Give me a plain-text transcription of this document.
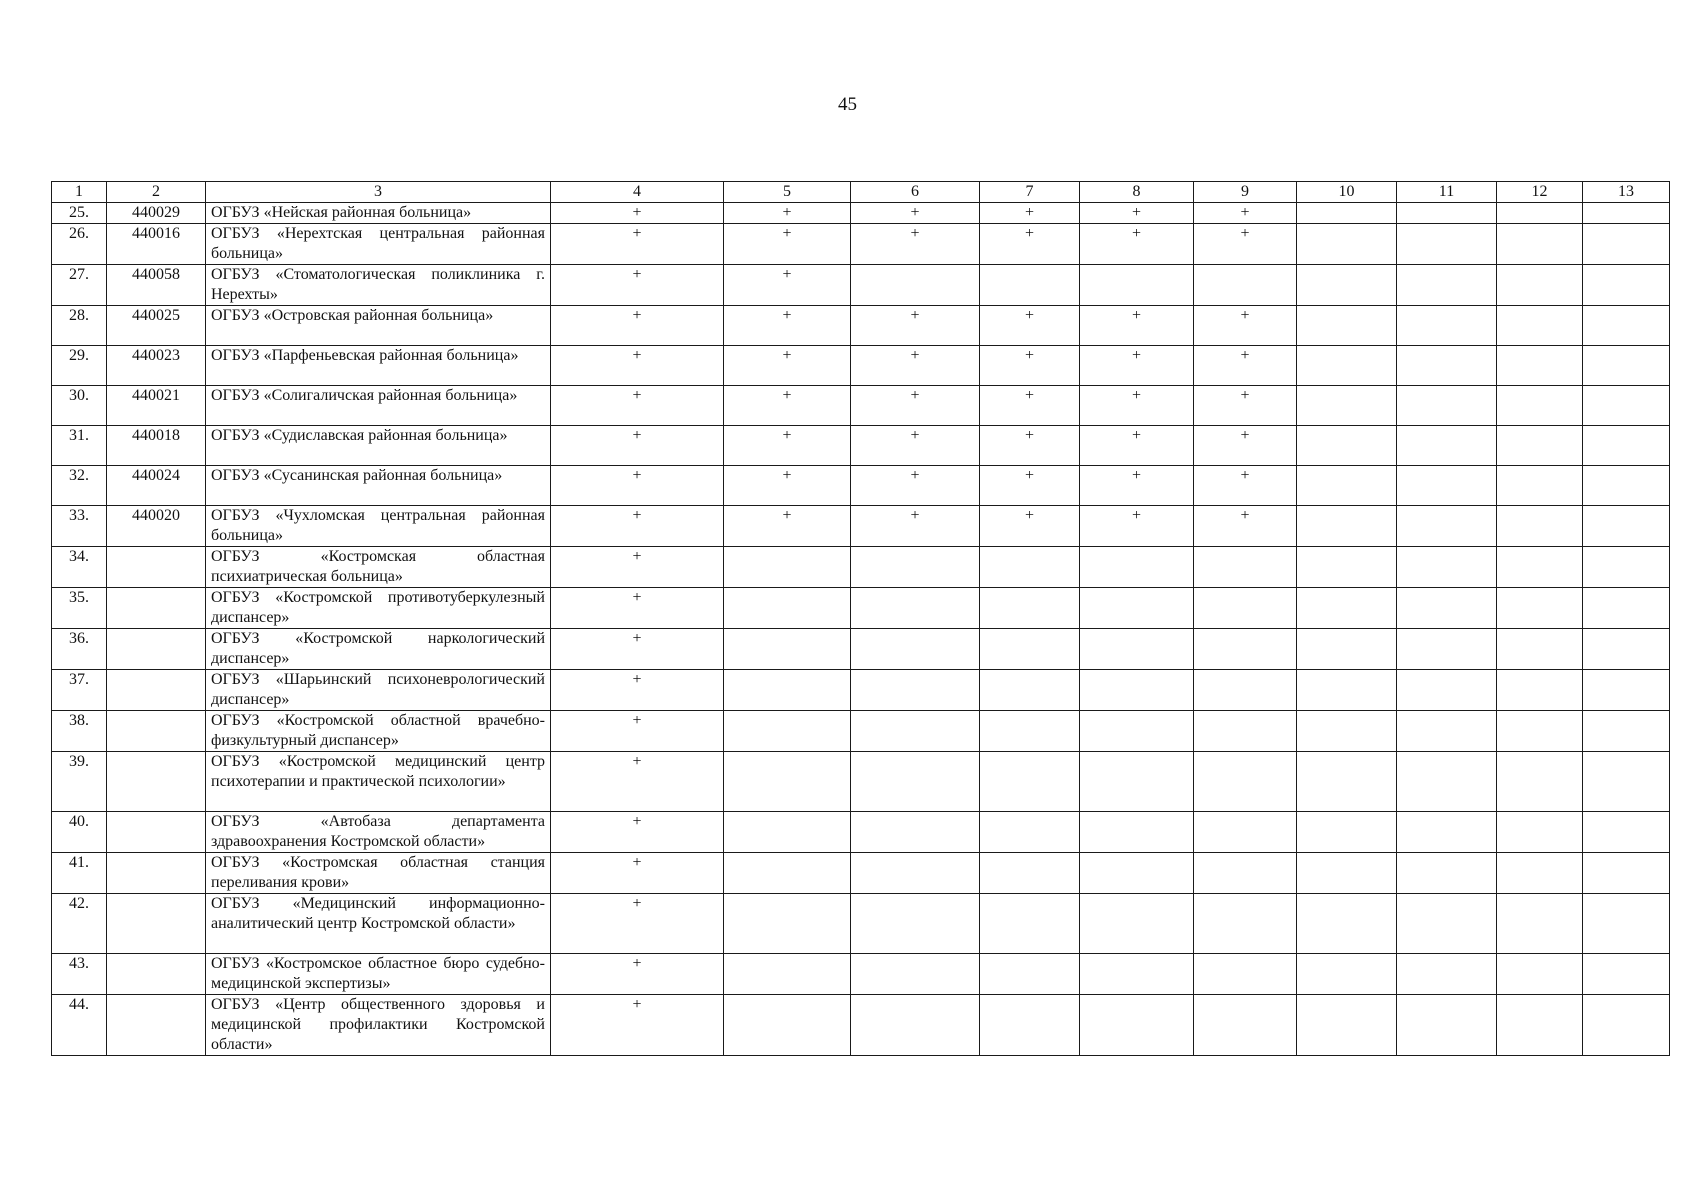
45
1	2	3	4	5	6	7	8	9	10	11	12	13
25.	440029	ОГБУЗ «Нейская районная больница»	+	+	+	+	+	+				
26.	440016	ОГБУЗ «Нерехтская центральная районная больница»	+	+	+	+	+	+				
27.	440058	ОГБУЗ «Стоматологическая поликлиника г. Нерехты»	+	+								
28.	440025	ОГБУЗ «Островская районная больница»	+	+	+	+	+	+				
29.	440023	ОГБУЗ «Парфеньевская районная больница»	+	+	+	+	+	+				
30.	440021	ОГБУЗ «Солигаличская районная больница»	+	+	+	+	+	+				
31.	440018	ОГБУЗ «Судиславская районная больница»	+	+	+	+	+	+				
32.	440024	ОГБУЗ «Сусанинская районная больница»	+	+	+	+	+	+				
33.	440020	ОГБУЗ «Чухломская центральная районная больница»	+	+	+	+	+	+				
34.		ОГБУЗ «Костромская областная психиатрическая больница»	+									
35.		ОГБУЗ «Костромской противотуберкулезный диспансер»	+									
36.		ОГБУЗ «Костромской наркологический диспансер»	+									
37.		ОГБУЗ «Шарьинский психоневрологический диспансер»	+									
38.		ОГБУЗ «Костромской областной врачебно-физкультурный диспансер»	+									
39.		ОГБУЗ «Костромской медицинский центр психотерапии и практической психологии»	+									
40.		ОГБУЗ «Автобаза департамента здравоохранения Костромской области»	+									
41.		ОГБУЗ «Костромская областная станция переливания крови»	+									
42.		ОГБУЗ «Медицинский информационно-аналитический центр Костромской области»	+									
43.		ОГБУЗ «Костромское областное бюро судебно-медицинской экспертизы»	+									
44.		ОГБУЗ «Центр общественного здоровья и медицинской профилактики Костромской области»	+									
